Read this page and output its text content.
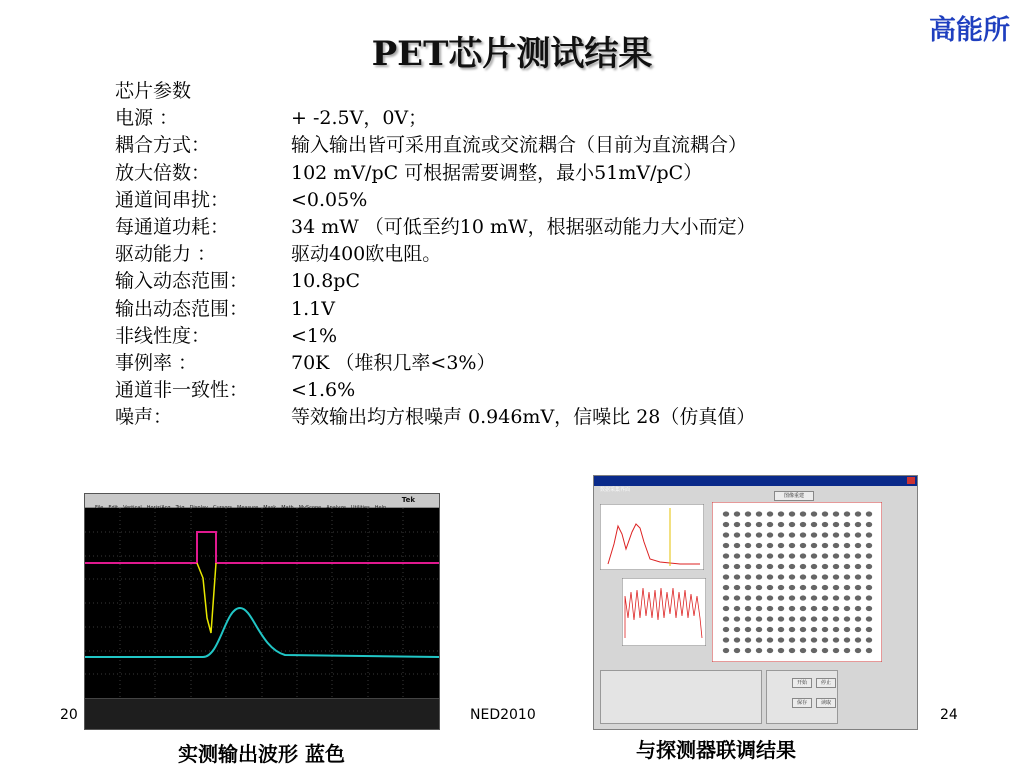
高能所
PET芯片测试结果
芯片参数
电源 ：	+ -2.5V，0V；
耦合方式：	输入输出皆可采用直流或交流耦合（目前为直流耦合）
放大倍数：	102 mV/pC 可根据需要调整，最小51mV/pC）
通道间串扰：	<0.05%
每通道功耗：	34 mW （可低至约10 mW，根据驱动能力大小而定）
驱动能力 ：	驱动400欧电阻。
输入动态范围：	10.8pC
输出动态范围：	1.1V
非线性度：	<1%
事例率 ：	70K （堆积几率<3%）
通道非一致性：	<1.6%
噪声：	等效输出均方根噪声 0.946mV，信噪比 28（仿真值）
Tek
数据采集界面
图像重建
开始	停止
保存	读取
20	NED2010	24
实测输出波形 蓝色	与探测器联调结果
